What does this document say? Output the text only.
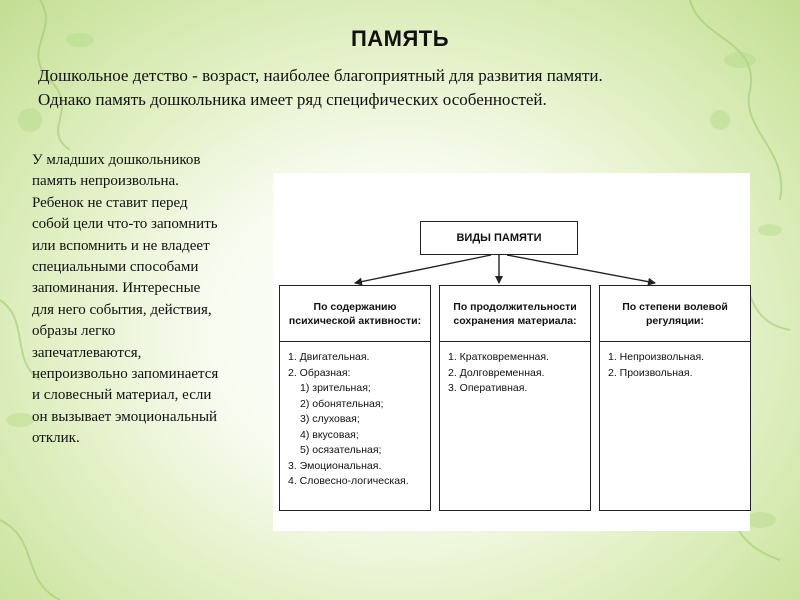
ПАМЯТЬ
Дошкольное детство - возраст, наиболее благоприятный для развития памяти.
Однако память дошкольника имеет ряд специфических особенностей.
У младших дошкольников
память непроизвольна.
Ребенок не ставит перед
собой цели что-то запомнить
или вспомнить и не владеет
специальными способами
запоминания. Интересные
для него события, действия,
образы легко
запечатлеваются,
непроизвольно запоминается
и словесный материал, если
он вызывает эмоциональный
отклик.
ВИДЫ ПАМЯТИ
По содержанию психической активности:
1. Двигательная.
2. Образная:
1) зрительная;
2) обонятельная;
3) слуховая;
4) вкусовая;
5) осязательная;
3. Эмоциональная.
4. Словесно-логическая.
По продолжительности сохранения материала:
1. Кратковременная.
2. Долговременная.
3. Оперативная.
По степени волевой регуляции:
1. Непроизвольная.
2. Произвольная.
